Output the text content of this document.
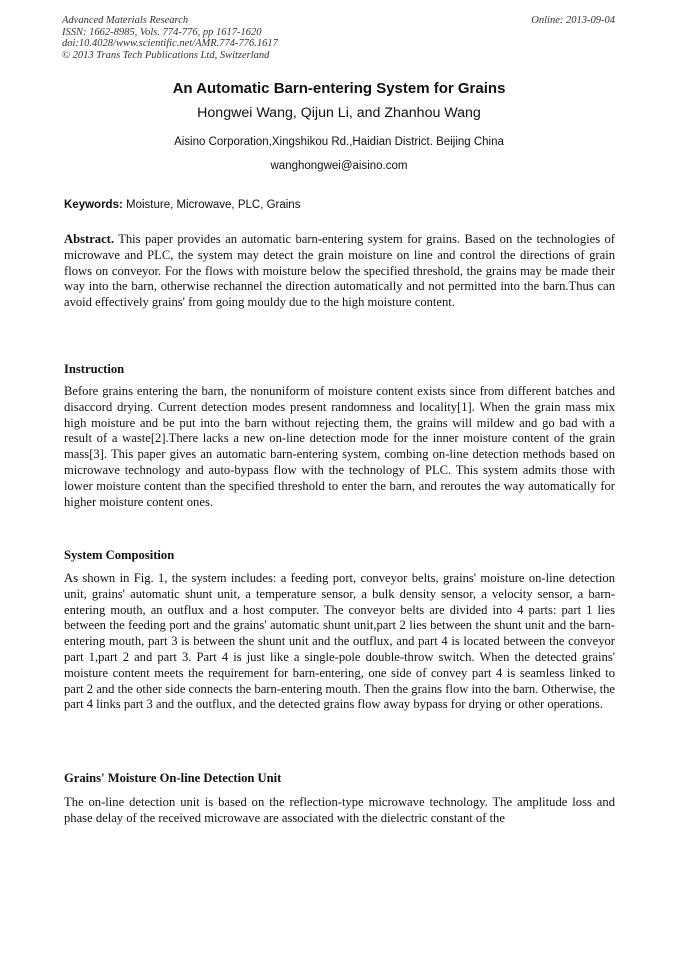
Advanced Materials Research
ISSN: 1662-8985, Vols. 774-776, pp 1617-1620
doi:10.4028/www.scientific.net/AMR.774-776.1617
© 2013 Trans Tech Publications Ltd, Switzerland
Online: 2013-09-04
An Automatic Barn-entering System for Grains
Hongwei Wang, Qijun Li, and Zhanhou Wang
Aisino Corporation,Xingshikou Rd.,Haidian District. Beijing China
wanghongwei@aisino.com
Keywords: Moisture, Microwave, PLC, Grains
Abstract. This paper provides an automatic barn-entering system for grains. Based on the technologies of microwave and PLC, the system may detect the grain moisture on line and control the directions of grain flows on conveyor. For the flows with moisture below the specified threshold, the grains may be made their way into the barn, otherwise rechannel the direction automatically and not permitted into the barn.Thus can avoid effectively grains' from going mouldy due to the high moisture content.
Instruction
Before grains entering the barn, the nonuniform of moisture content exists since from different batches and disaccord drying. Current detection modes present randomness and locality[1]. When the grain mass mix high moisture and be put into the barn without rejecting them, the grains will mildew and go bad with a result of a waste[2].There lacks a new on-line detection mode for the inner moisture content of the grain mass[3]. This paper gives an automatic barn-entering system, combing on-line detection methods based on microwave technology and auto-bypass flow with the technology of PLC. This system admits those with lower moisture content than the specified threshold to enter the barn, and reroutes the way automatically for higher moisture content ones.
System Composition
As shown in Fig. 1, the system includes: a feeding port, conveyor belts, grains' moisture on-line detection unit, grains' automatic shunt unit, a temperature sensor, a bulk density sensor, a velocity sensor, a barn-entering mouth, an outflux and a host computer. The conveyor belts are divided into 4 parts: part 1 lies between the feeding port and the grains' automatic shunt unit,part 2 lies between the shunt unit and the barn-entering mouth, part 3 is between the shunt unit and the outflux, and part 4 is located between the conveyor part 1,part 2 and part 3. Part 4 is just like a single-pole double-throw switch. When the detected grains' moisture content meets the requirement for barn-entering, one side of convey part 4 is seamless linked to part 2 and the other side connects the barn-entering mouth. Then the grains flow into the barn. Otherwise, the part 4 links part 3 and the outflux, and the detected grains flow away bypass for drying or other operations.
Grains' Moisture On-line Detection Unit
The on-line detection unit is based on the reflection-type microwave technology. The amplitude loss and phase delay of the received microwave are associated with the dielectric constant of the
